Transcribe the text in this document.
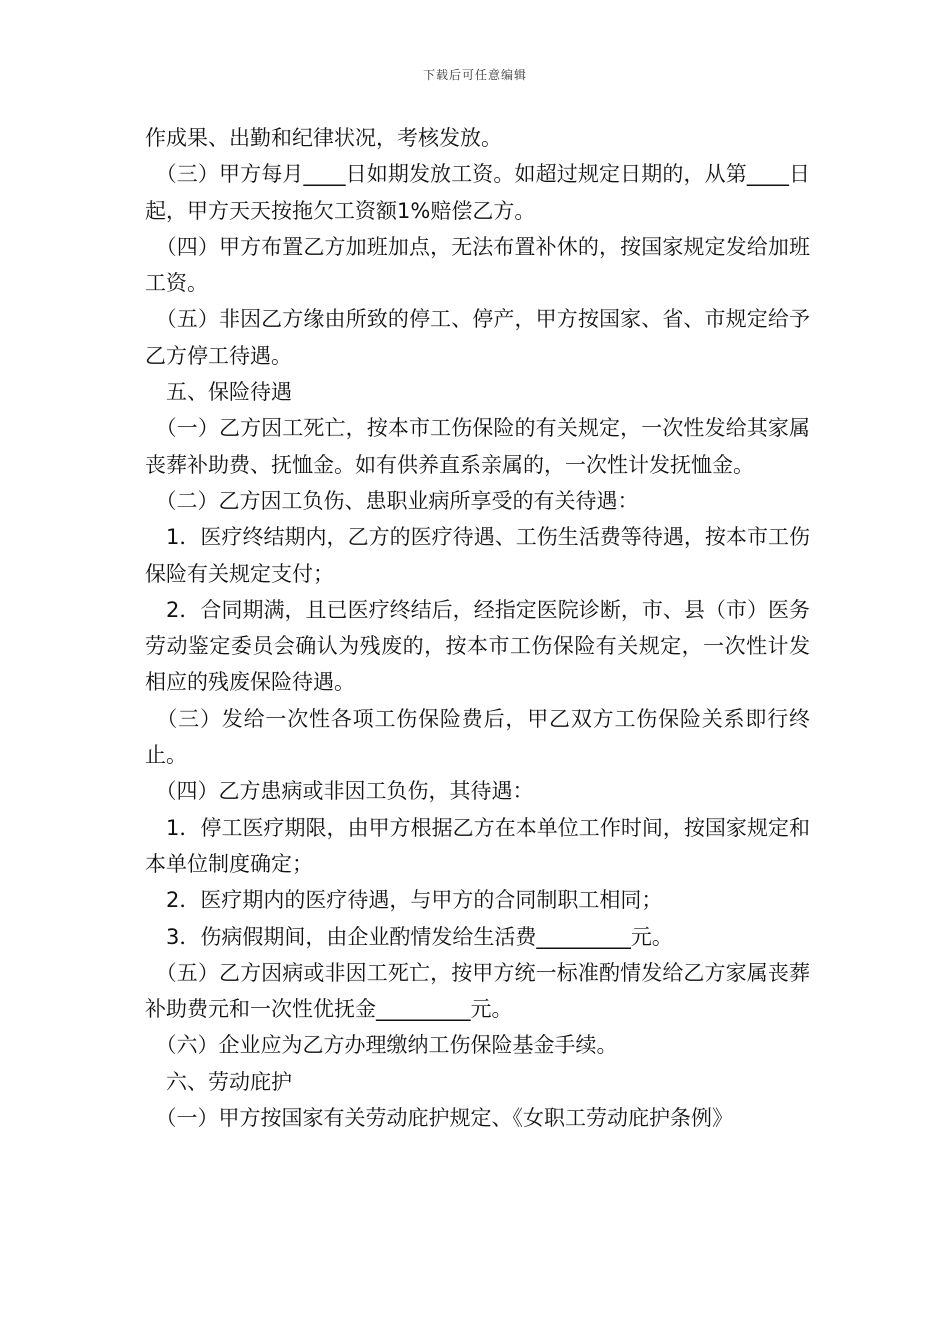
下载后可任意编辑

作成果、出勤和纪律状况，考核发放。

　（三）甲方每月____日如期发放工资。如超过规定日期的，从第____日起，甲方天天按拖欠工资额1%赔偿乙方。

　（四）甲方布置乙方加班加点，无法布置补休的，按国家规定发给加班工资。

　（五）非因乙方缘由所致的停工、停产，甲方按国家、省、市规定给予乙方停工待遇。

　五、保险待遇

　（一）乙方因工死亡，按本市工伤保险的有关规定，一次性发给其家属丧葬补助费、抚恤金。如有供养直系亲属的，一次性计发抚恤金。

　（二）乙方因工负伤、患职业病所享受的有关待遇：

　1．医疗终结期内，乙方的医疗待遇、工伤生活费等待遇，按本市工伤保险有关规定支付；

　2．合同期满，且已医疗终结后，经指定医院诊断，市、县（市）医务劳动鉴定委员会确认为残废的，按本市工伤保险有关规定，一次性计发相应的残废保险待遇。

　（三）发给一次性各项工伤保险费后，甲乙双方工伤保险关系即行终止。

　（四）乙方患病或非因工负伤，其待遇：

　1．停工医疗期限，由甲方根据乙方在本单位工作时间，按国家规定和本单位制度确定；

　2．医疗期内的医疗待遇，与甲方的合同制职工相同；

　3．伤病假期间，由企业酌情发给生活费_________元。

　（五）乙方因病或非因工死亡，按甲方统一标准酌情发给乙方家属丧葬补助费元和一次性优抚金_________元。

　（六）企业应为乙方办理缴纳工伤保险基金手续。

　六、劳动庇护

　（一）甲方按国家有关劳动庇护规定、《女职工劳动庇护条例》
